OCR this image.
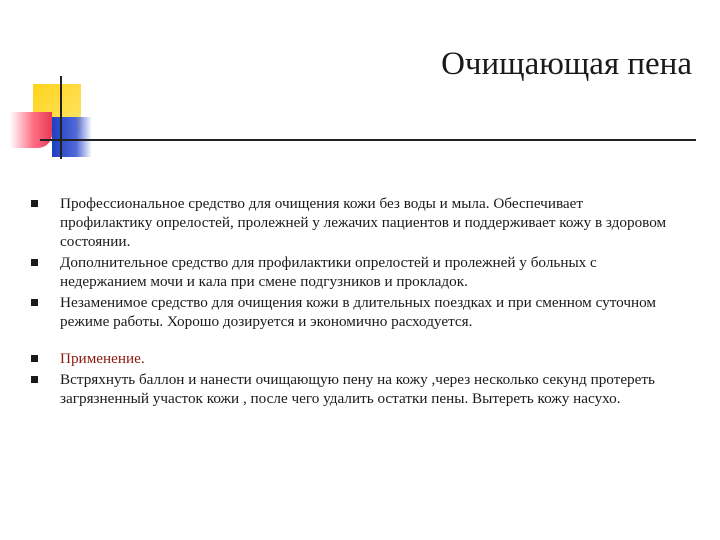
Очищающая пена
Профессиональное средство для очищения кожи без воды и мыла. Обеспечивает профилактику опрелостей, пролежней у лежачих пациентов и поддерживает кожу в здоровом состоянии.
Дополнительное средство для профилактики опрелостей и пролежней у больных с недержанием мочи и кала при смене подгузников и прокладок.
Незаменимое средство для очищения кожи в длительных поездках и при сменном суточном режиме работы. Хорошо дозируется и экономично расходуется.
Применение.
Встряхнуть баллон и нанести очищающую пену на кожу ,через несколько секунд протереть загрязненный участок кожи , после чего удалить остатки пены. Вытереть кожу насухо.
